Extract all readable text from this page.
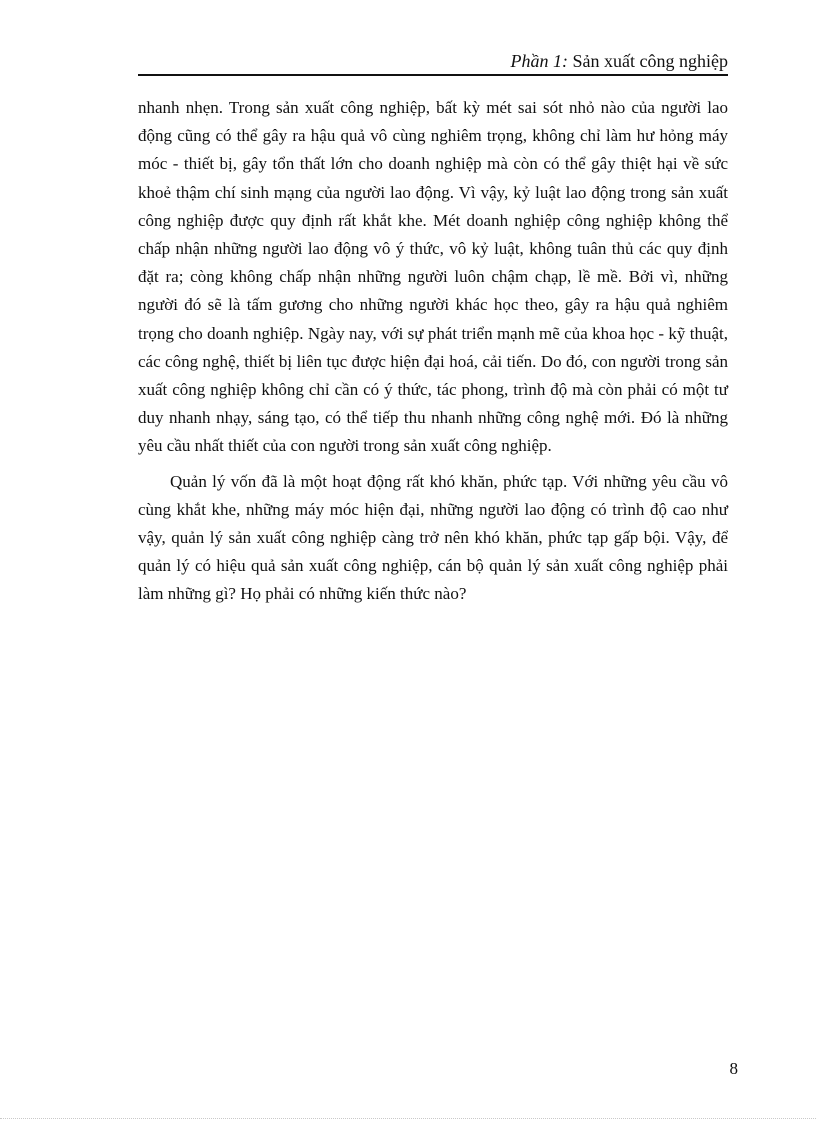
Phần 1: Sản xuất công nghiệp

nhanh nhẹn. Trong sản xuất công nghiệp, bất kỳ mét sai sót nhỏ nào của người lao động cũng có thể gây ra hậu quả vô cùng nghiêm trọng, không chỉ làm hư hỏng máy móc - thiết bị, gây tổn thất lớn cho doanh nghiệp mà còn có thể gây thiệt hại về sức khoẻ thậm chí sinh mạng của người lao động. Vì vậy, kỷ luật lao động trong sản xuất công nghiệp được quy định rất khắt khe. Mét doanh nghiệp công nghiệp không thể chấp nhận những người lao động vô ý thức, vô kỷ luật, không tuân thủ các quy định đặt ra; còng không chấp nhận những người luôn chậm chạp, lề mề. Bởi vì, những người đó sẽ là tấm gương cho những người khác học theo, gây ra hậu quả nghiêm trọng cho doanh nghiệp. Ngày nay, với sự phát triển mạnh mẽ của khoa học - kỹ thuật, các công nghệ, thiết bị liên tục được hiện đại hoá, cải tiến. Do đó, con người trong sản xuất công nghiệp không chỉ cần có ý thức, tác phong, trình độ mà còn phải có một tư duy nhanh nhạy, sáng tạo, có thể tiếp thu nhanh những công nghệ mới. Đó là những yêu cầu nhất thiết của con người trong sản xuất công nghiệp.

Quản lý vốn đã là một hoạt động rất khó khăn, phức tạp. Với những yêu cầu vô cùng khắt khe, những máy móc hiện đại, những người lao động có trình độ cao như vậy, quản lý sản xuất công nghiệp càng trở nên khó khăn, phức tạp gấp bội. Vậy, để quản lý có hiệu quả sản xuất công nghiệp, cán bộ quản lý sản xuất công nghiệp phải làm những gì? Họ phải có những kiến thức nào?

8
